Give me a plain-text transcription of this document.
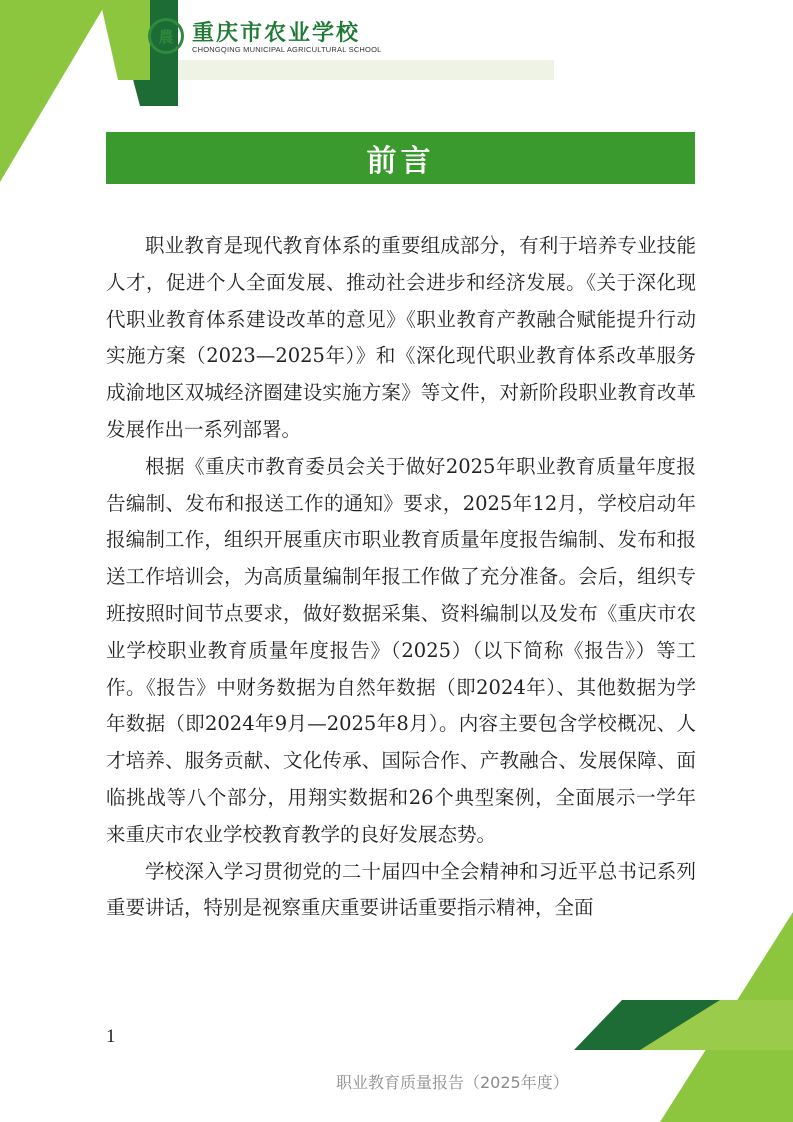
農 重庆市农业学校
CHONGQING MUNICIPAL AGRICULTURAL SCHOOL
前言

职业教育是现代教育体系的重要组成部分，有利于培养专业技能人才，促进个人全面发展、推动社会进步和经济发展。《关于深化现代职业教育体系建设改革的意见》《职业教育产教融合赋能提升行动实施方案（2023—2025年）》和《深化现代职业教育体系改革服务成渝地区双城经济圈建设实施方案》等文件，对新阶段职业教育改革发展作出一系列部署。

根据《重庆市教育委员会关于做好2025年职业教育质量年度报告编制、发布和报送工作的通知》要求，2025年12月，学校启动年报编制工作，组织开展重庆市职业教育质量年度报告编制、发布和报送工作培训会，为高质量编制年报工作做了充分准备。会后，组织专班按照时间节点要求，做好数据采集、资料编制以及发布《重庆市农业学校职业教育质量年度报告》（2025）（以下简称《报告》）等工作。《报告》中财务数据为自然年数据（即2024年）、其他数据为学年数据（即2024年9月—2025年8月）。内容主要包含学校概况、人才培养、服务贡献、文化传承、国际合作、产教融合、发展保障、面临挑战等八个部分，用翔实数据和26个典型案例，全面展示一学年来重庆市农业学校教育教学的良好发展态势。

学校深入学习贯彻党的二十届四中全会精神和习近平总书记系列重要讲话，特别是视察重庆重要讲话重要指示精神，全面

1
职业教育质量报告（2025年度）
